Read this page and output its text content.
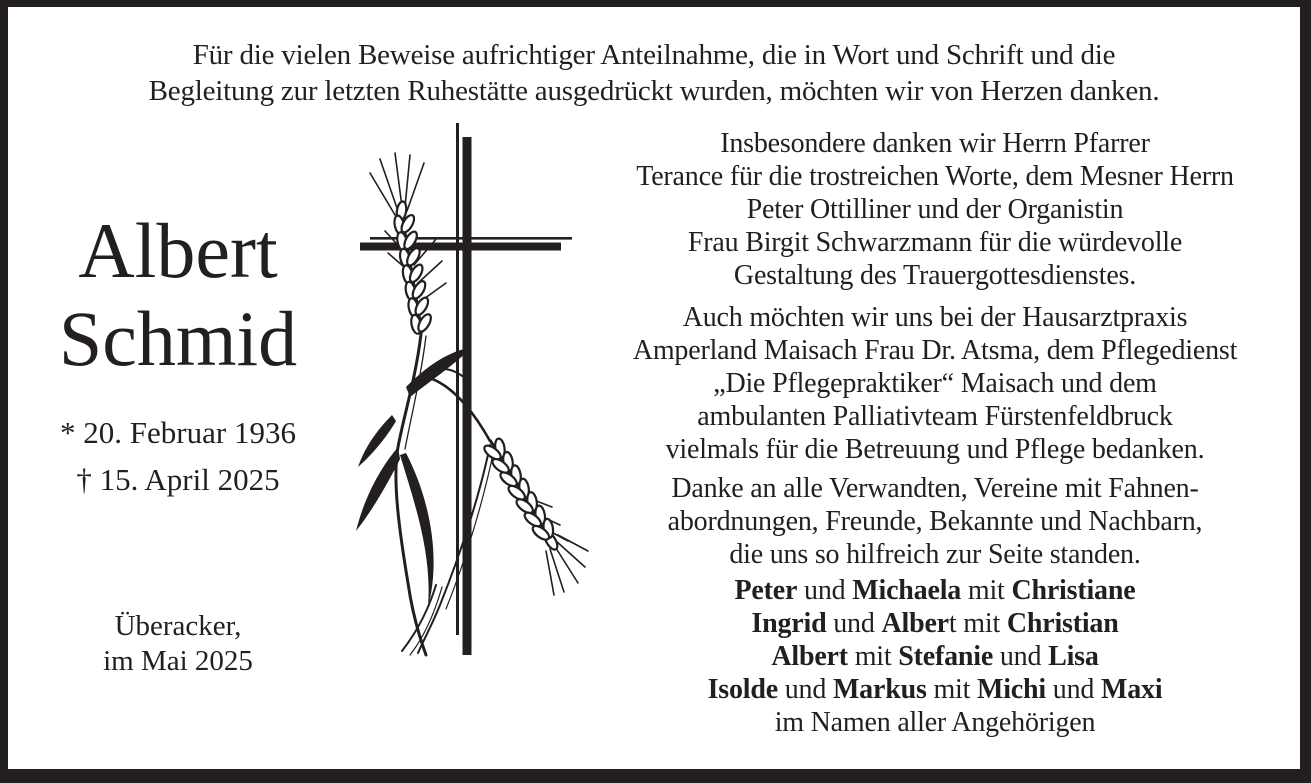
Für die vielen Beweise aufrichtiger Anteilnahme, die in Wort und Schrift und die
Begleitung zur letzten Ruhestätte ausgedrückt wurden, möchten wir von Herzen danken.
Albert
Schmid
* 20. Februar 1936
† 15. April 2025
Überacker,
im Mai 2025
Insbesondere danken wir Herrn Pfarrer
Terance für die trostreichen Worte, dem Mesner Herrn
Peter Ottilliner und der Organistin
Frau Birgit Schwarzmann für die würdevolle
Gestaltung des Trauergottesdienstes.
Auch möchten wir uns bei der Hausarztpraxis
Amperland Maisach Frau Dr. Atsma, dem Pflegedienst
„Die Pflegepraktiker“ Maisach und dem
ambulanten Palliativteam Fürstenfeldbruck
vielmals für die Betreuung und Pflege bedanken.
Danke an alle Verwandten, Vereine mit Fahnen-
abordnungen, Freunde, Bekannte und Nachbarn,
die uns so hilfreich zur Seite standen.
Peter und Michaela mit Christiane
Ingrid und Albert mit Christian
Albert mit Stefanie und Lisa
Isolde und Markus mit Michi und Maxi
im Namen aller Angehörigen
